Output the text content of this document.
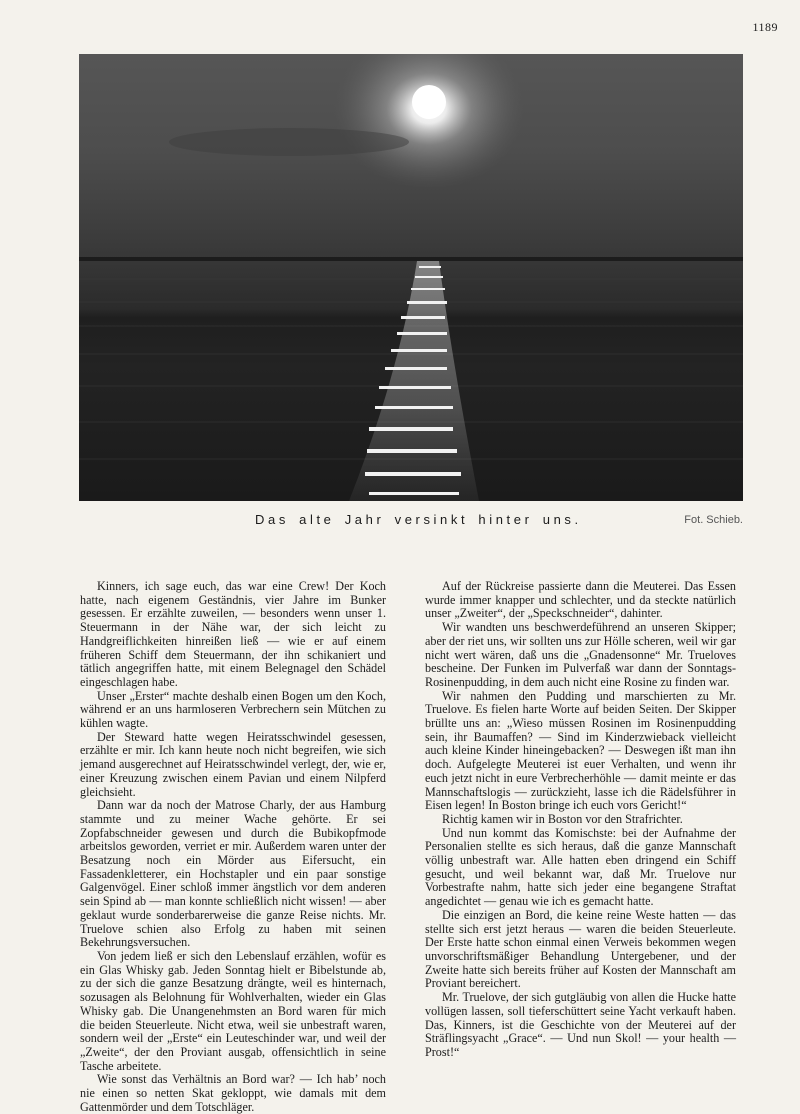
1189
Das alte Jahr versinkt hinter uns.	Fot. Schieb.

Kinners, ich sage euch, das war eine Crew! Der Koch hatte, nach eigenem Geständnis, vier Jahre im Bunker gesessen. Er erzählte zuweilen, — besonders wenn unser 1. Steuermann in der Nähe war, der sich leicht zu Handgreiflichkeiten hinreißen ließ — wie er auf einem früheren Schiff dem Steuermann, der ihn schikaniert und tätlich angegriffen hatte, mit einem Belegnagel den Schädel eingeschlagen habe.

Unser „Erster“ machte deshalb einen Bogen um den Koch, während er an uns harmloseren Verbrechern sein Mütchen zu kühlen wagte.

Der Steward hatte wegen Heiratsschwindel gesessen, erzählte er mir. Ich kann heute noch nicht begreifen, wie sich jemand ausgerechnet auf Heiratsschwindel verlegt, der, wie er, einer Kreuzung zwischen einem Pavian und einem Nilpferd gleichsieht.

Dann war da noch der Matrose Charly, der aus Hamburg stammte und zu meiner Wache gehörte. Er sei Zopfabschneider gewesen und durch die Bubikopfmode arbeitslos geworden, verriet er mir. Außerdem waren unter der Besatzung noch ein Mörder aus Eifersucht, ein Fassadenkletterer, ein Hochstapler und ein paar sonstige Galgenvögel. Einer schloß immer ängstlich vor dem anderen sein Spind ab — man konnte schließlich nicht wissen! — aber geklaut wurde sonderbarerweise die ganze Reise nichts. Mr. Truelove schien also Erfolg zu haben mit seinen Bekehrungsversuchen.

Von jedem ließ er sich den Lebenslauf erzählen, wofür es ein Glas Whisky gab. Jeden Sonntag hielt er Bibelstunde ab, zu der sich die ganze Besatzung drängte, weil es hinternach, sozusagen als Belohnung für Wohlverhalten, wieder ein Glas Whisky gab. Die Unangenehmsten an Bord waren für mich die beiden Steuerleute. Nicht etwa, weil sie unbestraft waren, sondern weil der „Erste“ ein Leuteschinder war, und weil der „Zweite“, der den Proviant ausgab, offensichtlich in seine Tasche arbeitete.

Wie sonst das Verhältnis an Bord war? — Ich hab’ noch nie einen so netten Skat gekloppt, wie damals mit dem Gattenmörder und dem Totschläger.

Auf der Rückreise passierte dann die Meuterei. Das Essen wurde immer knapper und schlechter, und da steckte natürlich unser „Zweiter“, der „Speckschneider“, dahinter.

Wir wandten uns beschwerdeführend an unseren Skipper; aber der riet uns, wir sollten uns zur Hölle scheren, weil wir gar nicht wert wären, daß uns die „Gnadensonne“ Mr. Trueloves bescheine. Der Funken im Pulverfaß war dann der Sonntags-Rosinenpudding, in dem auch nicht eine Rosine zu finden war.

Wir nahmen den Pudding und marschierten zu Mr. Truelove. Es fielen harte Worte auf beiden Seiten. Der Skipper brüllte uns an: „Wieso müssen Rosinen im Rosinenpudding sein, ihr Baumaffen? — Sind im Kinderzwieback vielleicht auch kleine Kinder hineingebacken? — Deswegen ißt man ihn doch. Aufgelegte Meuterei ist euer Verhalten, und wenn ihr euch jetzt nicht in eure Verbrecherhöhle — damit meinte er das Mannschaftslogis — zurückzieht, lasse ich die Rädelsführer in Eisen legen! In Boston bringe ich euch vors Gericht!“

Richtig kamen wir in Boston vor den Strafrichter.

Und nun kommt das Komischste: bei der Aufnahme der Personalien stellte es sich heraus, daß die ganze Mannschaft völlig unbestraft war. Alle hatten eben dringend ein Schiff gesucht, und weil bekannt war, daß Mr. Truelove nur Vorbestrafte nahm, hatte sich jeder eine begangene Straftat angedichtet — genau wie ich es gemacht hatte.

Die einzigen an Bord, die keine reine Weste hatten — das stellte sich erst jetzt heraus — waren die beiden Steuerleute. Der Erste hatte schon einmal einen Verweis bekommen wegen unvorschriftsmäßiger Behandlung Untergebener, und der Zweite hatte sich bereits früher auf Kosten der Mannschaft am Proviant bereichert.

Mr. Truelove, der sich gutgläubig von allen die Hucke hatte vollügen lassen, soll tieferschüttert seine Yacht verkauft haben. Das, Kinners, ist die Geschichte von der Meuterei auf der Sträflingsyacht „Grace“. — Und nun Skol! — your health — Prost!“
